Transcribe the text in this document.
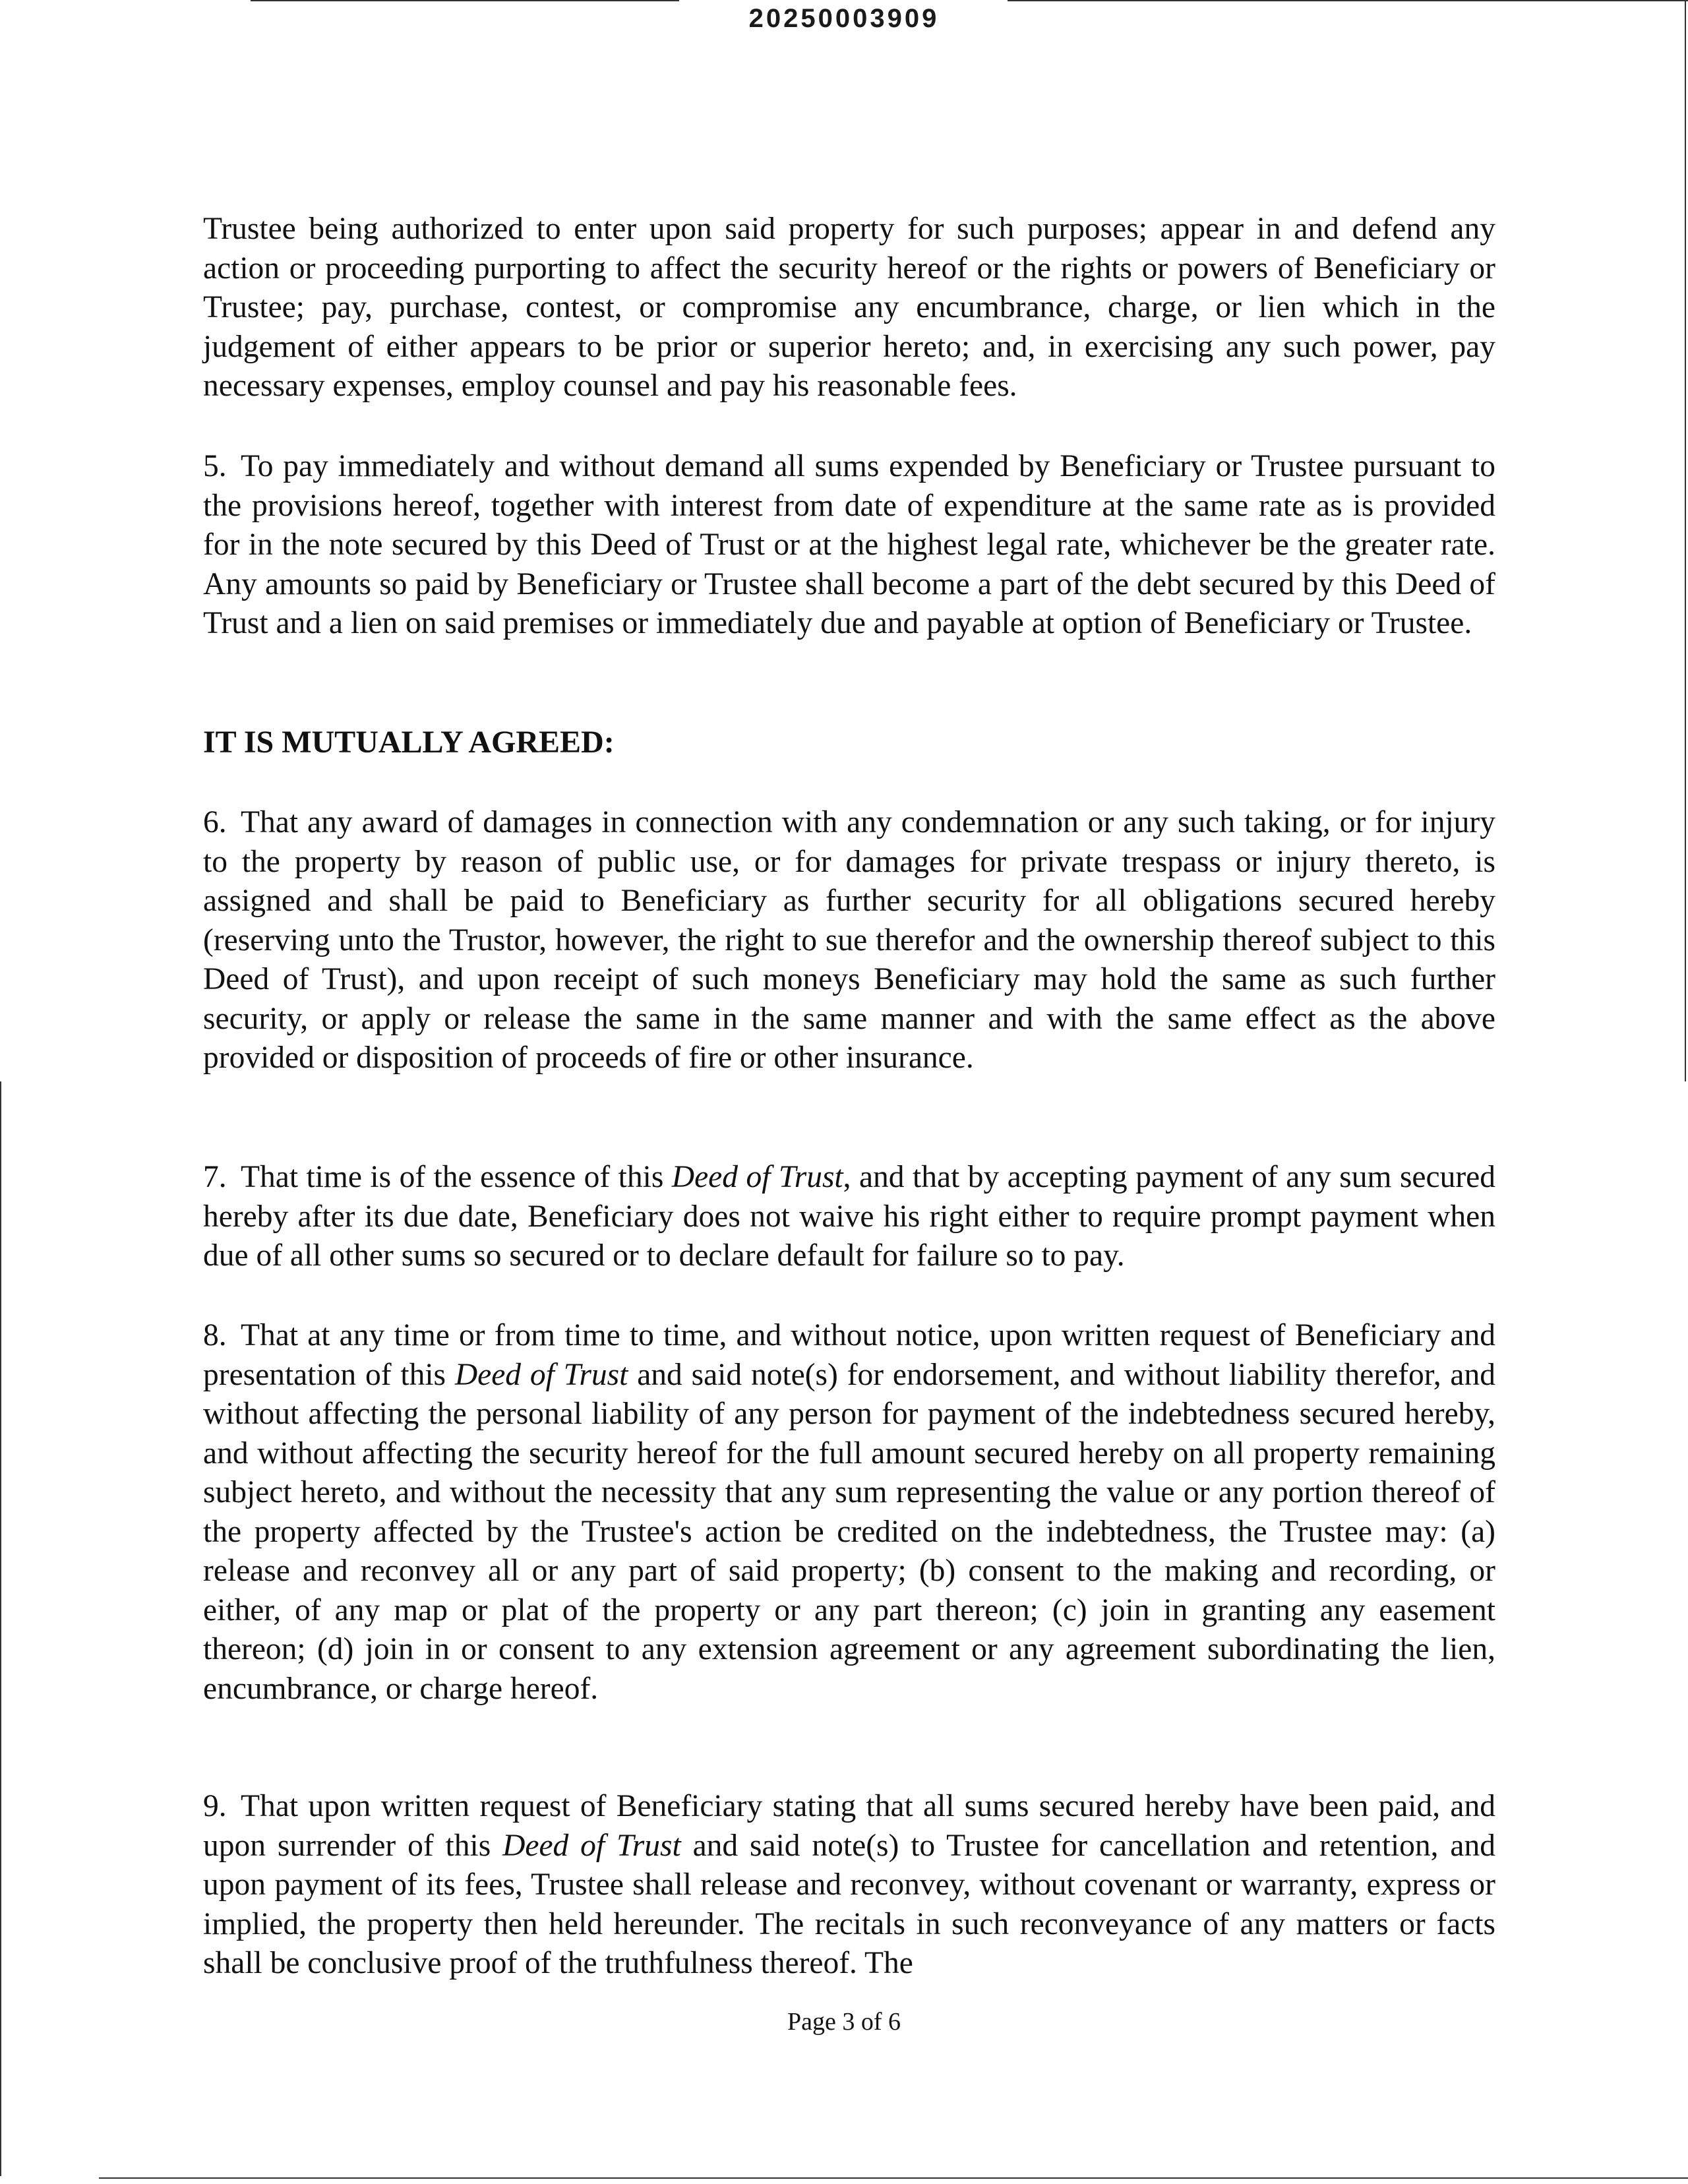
20250003909

Trustee being authorized to enter upon said property for such purposes; appear in and defend any action or proceeding purporting to affect the security hereof or the rights or powers of Beneficiary or Trustee; pay, purchase, contest, or compromise any encumbrance, charge, or lien which in the judgement of either appears to be prior or superior hereto; and, in exercising any such power, pay necessary expenses, employ counsel and pay his reasonable fees.

5. To pay immediately and without demand all sums expended by Beneficiary or Trustee pursuant to the provisions hereof, together with interest from date of expenditure at the same rate as is provided for in the note secured by this Deed of Trust or at the highest legal rate, whichever be the greater rate. Any amounts so paid by Beneficiary or Trustee shall become a part of the debt secured by this Deed of Trust and a lien on said premises or immediately due and payable at option of Beneficiary or Trustee.

IT IS MUTUALLY AGREED:

6. That any award of damages in connection with any condemnation or any such taking, or for injury to the property by reason of public use, or for damages for private trespass or injury thereto, is assigned and shall be paid to Beneficiary as further security for all obligations secured hereby (reserving unto the Trustor, however, the right to sue therefor and the ownership thereof subject to this Deed of Trust), and upon receipt of such moneys Beneficiary may hold the same as such further security, or apply or release the same in the same manner and with the same effect as the above provided or disposition of proceeds of fire or other insurance.

7. That time is of the essence of this Deed of Trust, and that by accepting payment of any sum secured hereby after its due date, Beneficiary does not waive his right either to require prompt payment when due of all other sums so secured or to declare default for failure so to pay.

8. That at any time or from time to time, and without notice, upon written request of Beneficiary and presentation of this Deed of Trust and said note(s) for endorsement, and without liability therefor, and without affecting the personal liability of any person for payment of the indebtedness secured hereby, and without affecting the security hereof for the full amount secured hereby on all property remaining subject hereto, and without the necessity that any sum representing the value or any portion thereof of the property affected by the Trustee's action be credited on the indebtedness, the Trustee may: (a) release and reconvey all or any part of said property; (b) consent to the making and recording, or either, of any map or plat of the property or any part thereon; (c) join in granting any easement thereon; (d) join in or consent to any extension agreement or any agreement subordinating the lien, encumbrance, or charge hereof.

9. That upon written request of Beneficiary stating that all sums secured hereby have been paid, and upon surrender of this Deed of Trust and said note(s) to Trustee for cancellation and retention, and upon payment of its fees, Trustee shall release and reconvey, without covenant or warranty, express or implied, the property then held hereunder. The recitals in such reconveyance of any matters or facts shall be conclusive proof of the truthfulness thereof. The

Page 3 of 6
